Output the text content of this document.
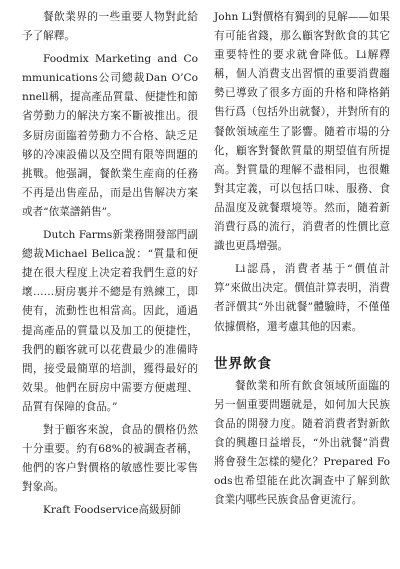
餐飲業界的一些重要人物對此給予了解釋。

Foodmix Marketing and Communications公司總裁Dan O’Connell稱，提高產品質量、便捷性和節省勞動力的解決方案不斷被推出。很多厨房面臨着勞動力不合格、缺乏足够的冷凍設備以及空間有限等問題的挑戰。他强調，餐飲業生産商的任務不再是出售産品，而是出售解决方案或者“依菜譜銷售”。

Dutch Farms新業務開發部門副總裁Michael Belica說：“質量和便捷在很大程度上决定着我們生意的好壞……厨房裏并不總是有熟練工，即使有，流動性也相當高。因此，通過提高產品的質量以及加工的便捷性，我們的顧客就可以花費最少的准備時間，接受最簡單的培訓，獲得最好的效果。他們在厨房中需要方便處理、品質有保障的食品。”

對于顧客來說，食品的價格仍然十分重要。約有68%的被調查者稱，他們的客户對價格的敏感性要比零售對象高。

Kraft Foodservice高級厨師

John Li對價格有獨到的見解——如果有可能省錢，那么顧客對飲食的其它重要特性的要求就會降低。Li解釋稱，個人消費支出習慣的重要消費趨勢已導致了很多方面的升格和降格銷售行爲（包括外出就餐），并對所有的餐飲領域産生了影響。隨着市場的分化，顧客對餐飲質量的期望值有所提高。對質量的理解不盡相同，也很難對其定義，可以包括口味、服務、食品温度及就餐環境等。然而，隨着新消費行爲的流行，消費者的性價比意識也更爲增强。

Li認爲，消費者基于“價值計算”來做出决定。價值計算表明，消費者評價其“外出就餐”體驗時，不僅僅依據價格，還考慮其他的因素。

世界飲食

餐飲業和所有飲食領域所面臨的另一個重要問題就是，如何加大民族食品的開發力度。隨着消費者對新飲食的興趣日益增長，“外出就餐”消費將會發生怎樣的變化？Prepared Foods也希望能在此次調查中了解到飲食業内哪些民族食品會更流行。
